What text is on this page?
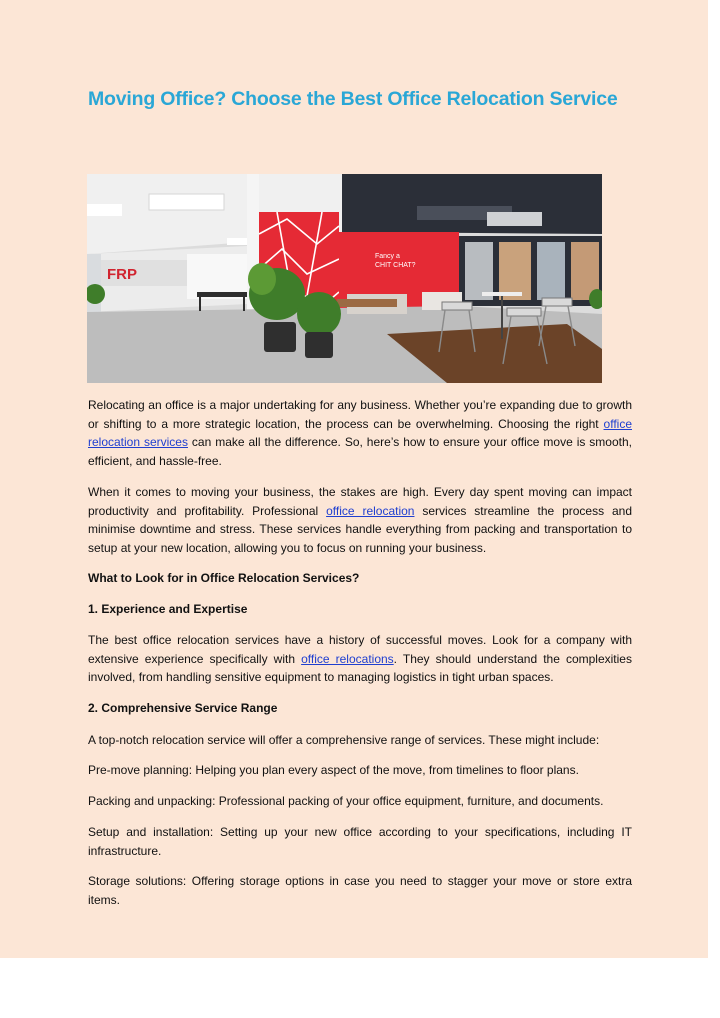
Moving Office? Choose the Best Office Relocation Service
FRP
Fancy a
CHIT CHAT?

Relocating an office is a major undertaking for any business. Whether you’re expanding due to growth or shifting to a more strategic location, the process can be overwhelming. Choosing the right office relocation services can make all the difference. So, here’s how to ensure your office move is smooth, efficient, and hassle-free.

When it comes to moving your business, the stakes are high. Every day spent moving can impact productivity and profitability. Professional office relocation services streamline the process and minimise downtime and stress. These services handle everything from packing and transportation to setup at your new location, allowing you to focus on running your business.

What to Look for in Office Relocation Services?

1. Experience and Expertise

The best office relocation services have a history of successful moves. Look for a company with extensive experience specifically with office relocations. They should understand the complexities involved, from handling sensitive equipment to managing logistics in tight urban spaces.

2. Comprehensive Service Range

A top-notch relocation service will offer a comprehensive range of services. These might include:

Pre-move planning: Helping you plan every aspect of the move, from timelines to floor plans.

Packing and unpacking: Professional packing of your office equipment, furniture, and documents.

Setup and installation: Setting up your new office according to your specifications, including IT infrastructure.

Storage solutions: Offering storage options in case you need to stagger your move or store extra items.
